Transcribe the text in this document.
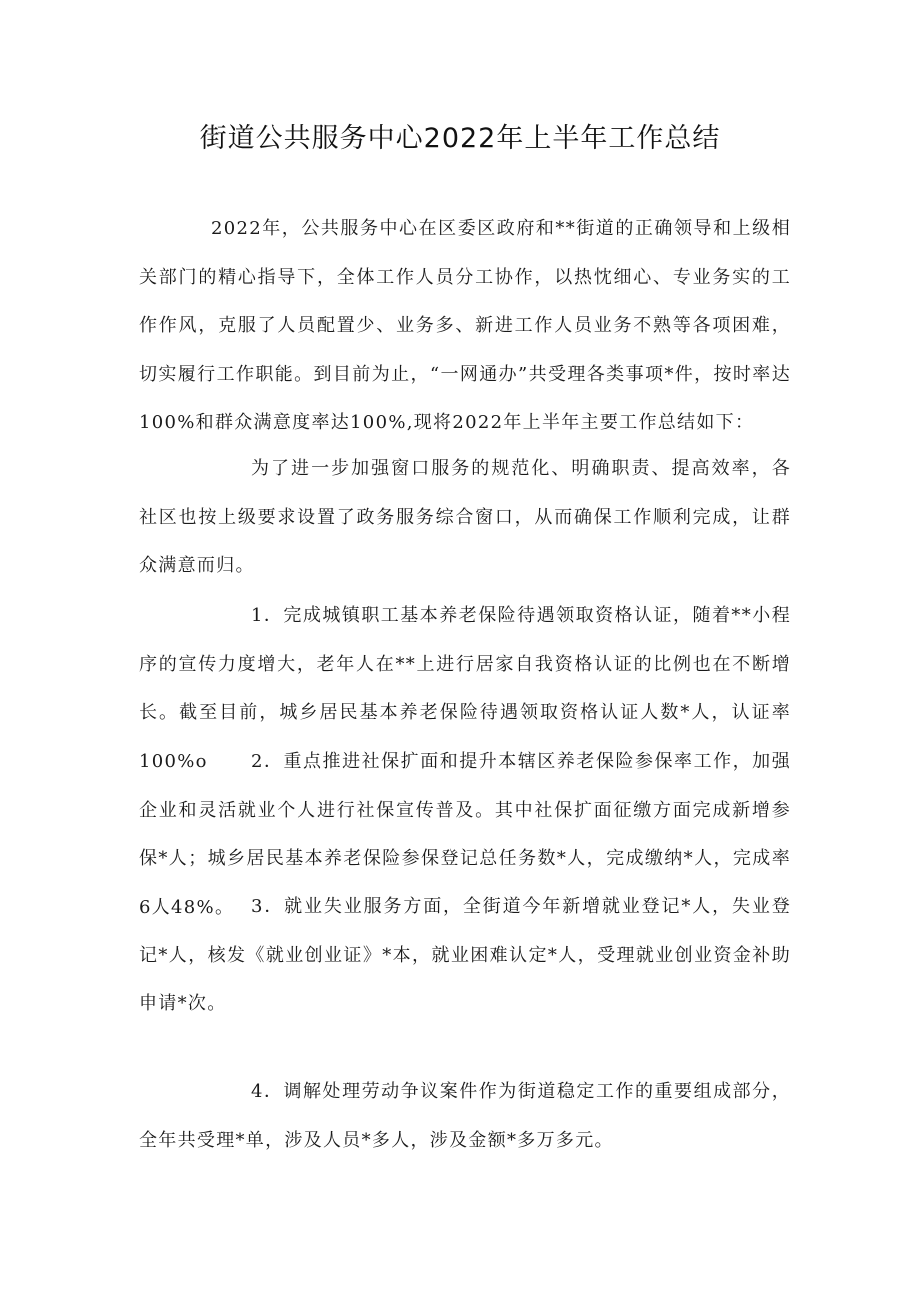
街道公共服务中心2022年上半年工作总结

2022年，公共服务中心在区委区政府和**街道的正确领导和上级相关部门的精心指导下，全体工作人员分工协作，以热忱细心、专业务实的工作作风，克服了人员配置少、业务多、新进工作人员业务不熟等各项困难，切实履行工作职能。到目前为止，“一网通办”共受理各类事项*件，按时率达100%和群众满意度率达100%,现将2022年上半年主要工作总结如下：

为了进一步加强窗口服务的规范化、明确职责、提高效率，各社区也按上级要求设置了政务服务综合窗口，从而确保工作顺利完成，让群众满意而归。

1．完成城镇职工基本养老保险待遇领取资格认证，随着**小程序的宣传力度增大，老年人在**上进行居家自我资格认证的比例也在不断增长。截至目前，城乡居民基本养老保险待遇领取资格认证人数*人，认证率100%o	2．重点推进社保扩面和提升本辖区养老保险参保率工作，加强企业和灵活就业个人进行社保宣传普及。其中社保扩面征缴方面完成新增参保*人；城乡居民基本养老保险参保登记总任务数*人，完成缴纳*人，完成率6人48%。 3．就业失业服务方面，全街道今年新增就业登记*人，失业登记*人，核发《就业创业证》*本，就业困难认定*人，受理就业创业资金补助申请*次。

4．调解处理劳动争议案件作为街道稳定工作的重要组成部分，全年共受理*单，涉及人员*多人，涉及金额*多万多元。
